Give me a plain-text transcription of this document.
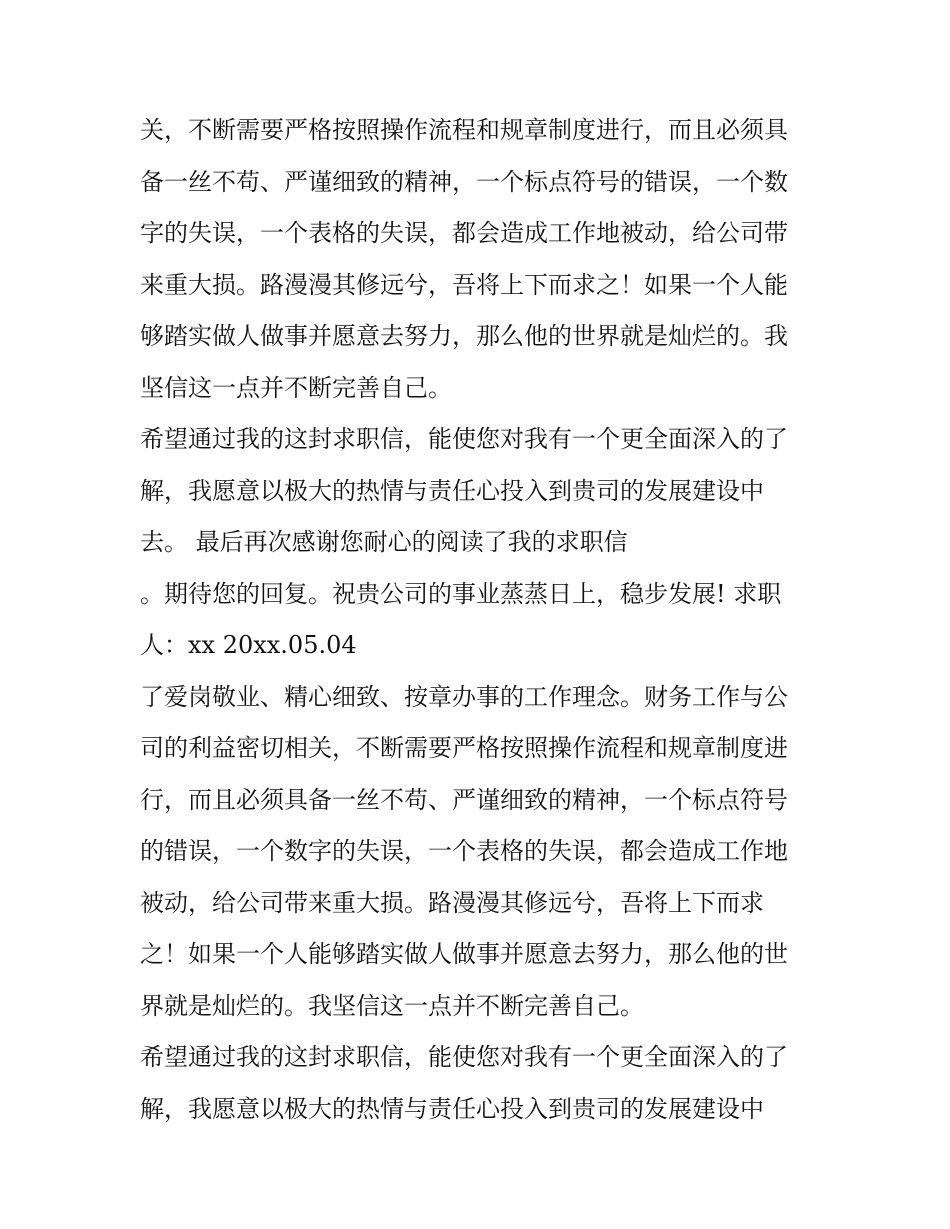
关，不断需要严格按照操作流程和规章制度进行，而且必须具
备一丝不苟、严谨细致的精神，一个标点符号的错误，一个数
字的失误，一个表格的失误，都会造成工作地被动，给公司带
来重大损。路漫漫其修远兮，吾将上下而求之！如果一个人能
够踏实做人做事并愿意去努力，那么他的世界就是灿烂的。我
坚信这一点并不断完善自己。
希望通过我的这封求职信，能使您对我有一个更全面深入的了
解，我愿意以极大的热情与责任心投入到贵司的发展建设中
去。 最后再次感谢您耐心的阅读了我的求职信
。期待您的回复。祝贵公司的事业蒸蒸日上，稳步发展! 求职
人：xx 20xx.05.04
了爱岗敬业、精心细致、按章办事的工作理念。财务工作与公
司的利益密切相关，不断需要严格按照操作流程和规章制度进
行，而且必须具备一丝不苟、严谨细致的精神，一个标点符号
的错误，一个数字的失误，一个表格的失误，都会造成工作地
被动，给公司带来重大损。路漫漫其修远兮，吾将上下而求
之！如果一个人能够踏实做人做事并愿意去努力，那么他的世
界就是灿烂的。我坚信这一点并不断完善自己。
希望通过我的这封求职信，能使您对我有一个更全面深入的了
解，我愿意以极大的热情与责任心投入到贵司的发展建设中
